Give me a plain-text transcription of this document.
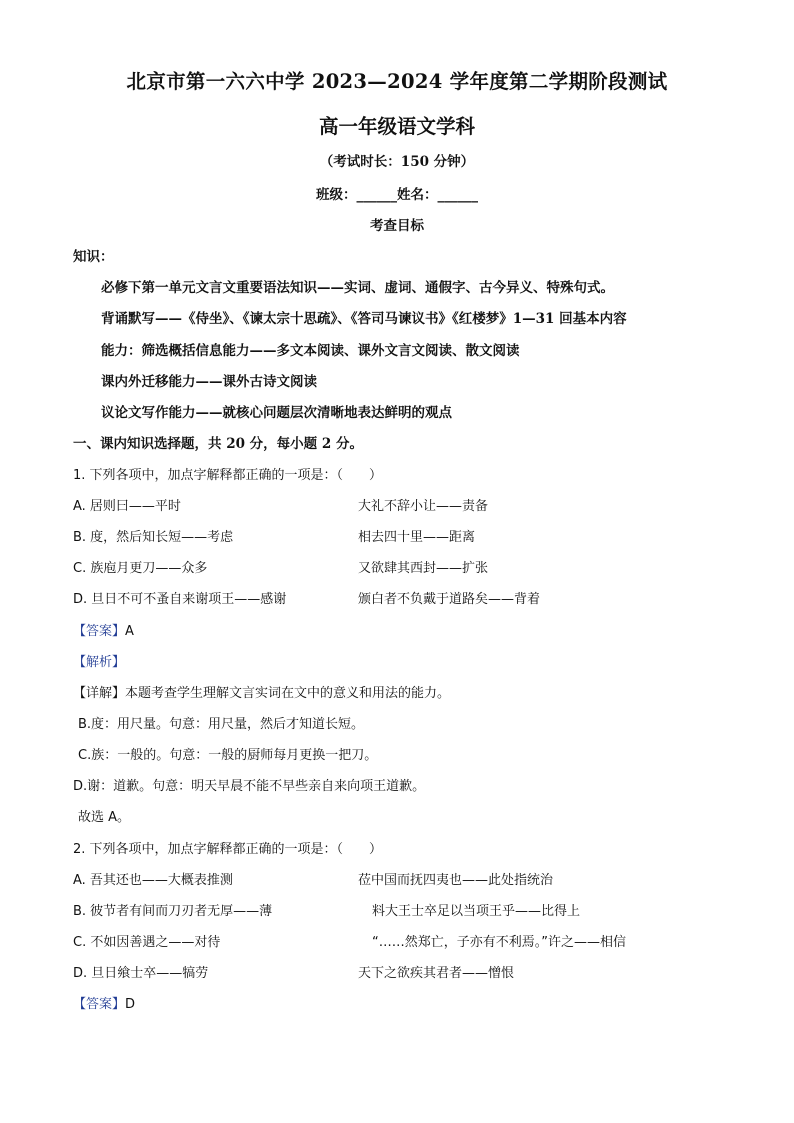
北京市第一六六中学 2023—2024 学年度第二学期阶段测试
高一年级语文学科
（考试时长：150 分钟）
班级：______姓名：______
考查目标
知识：
必修下第一单元文言文重要语法知识——实词、虚词、通假字、古今异义、特殊句式。
背诵默写——《侍坐》、《谏太宗十思疏》、《答司马谏议书》《红楼梦》1—31 回基本内容
能力：筛选概括信息能力——多文本阅读、课外文言文阅读、散文阅读
课内外迁移能力——课外古诗文阅读
议论文写作能力——就核心问题层次清晰地表达鲜明的观点
一、课内知识选择题，共 20 分，每小题 2 分。
1. 下列各项中，加点字解释都正确的一项是：（　　）
A. 居则曰——平时	大礼不辞小让——责备
B. 度，然后知长短——考虑	相去四十里——距离
C. 族庖月更刀——众多	又欲肆其西封——扩张
D. 旦日不可不蚤自来谢项王——感谢	颁白者不负戴于道路矣——背着
【答案】A
【解析】
【详解】本题考查学生理解文言实词在文中的意义和用法的能力。
B.度：用尺量。句意：用尺量，然后才知道长短。
C.族：一般的。句意：一般的厨师每月更换一把刀。
D.谢：道歉。句意：明天早晨不能不早些亲自来向项王道歉。
故选 A。
2. 下列各项中，加点字解释都正确的一项是：（　　）
A. 吾其还也——大概表推测	莅中国而抚四夷也——此处指统治
B. 彼节者有间而刀刃者无厚——薄	料大王士卒足以当项王乎——比得上
C. 不如因善遇之——对待	“……然郑亡，子亦有不利焉。”许之——相信
D. 旦日飨士卒——犒劳	天下之欲疾其君者——憎恨
【答案】D
